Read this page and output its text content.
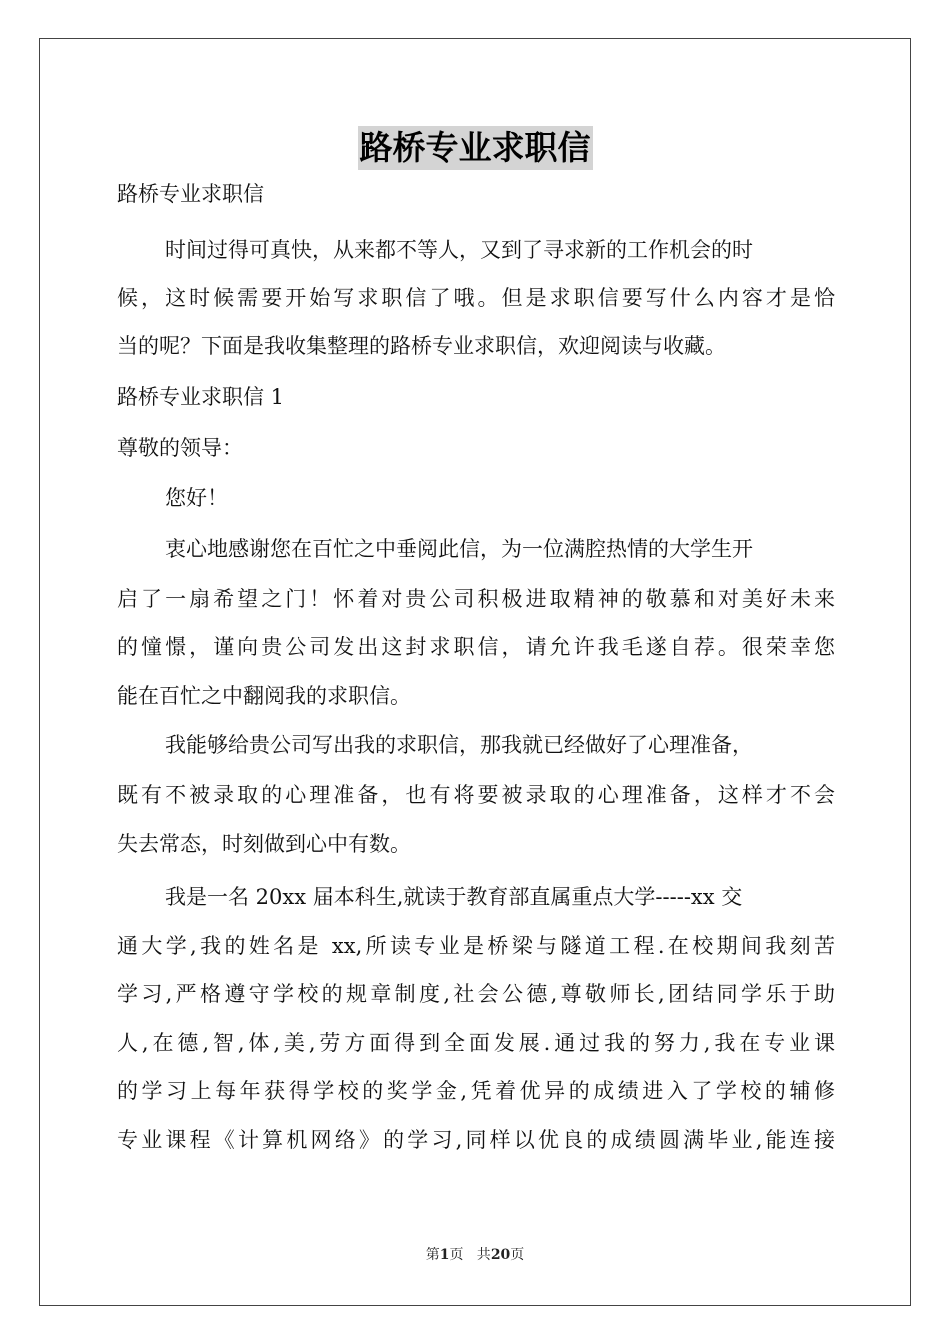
路桥专业求职信
路桥专业求职信
时间过得可真快，从来都不等人，又到了寻求新的工作机会的时
候，这时候需要开始写求职信了哦。但是求职信要写什么内容才是恰
当的呢？下面是我收集整理的路桥专业求职信，欢迎阅读与收藏。
路桥专业求职信 1
尊敬的领导：
您好！
衷心地感谢您在百忙之中垂阅此信，为一位满腔热情的大学生开
启了一扇希望之门！怀着对贵公司积极进取精神的敬慕和对美好未来
的憧憬，谨向贵公司发出这封求职信，请允许我毛遂自荐。很荣幸您
能在百忙之中翻阅我的求职信。
我能够给贵公司写出我的求职信，那我就已经做好了心理准备，
既有不被录取的心理准备，也有将要被录取的心理准备，这样才不会
失去常态，时刻做到心中有数。
我是一名 20xx 届本科生,就读于教育部直属重点大学-----xx 交
通大学,我的姓名是 xx,所读专业是桥梁与隧道工程.在校期间我刻苦
学习,严格遵守学校的规章制度,社会公德,尊敬师长,团结同学乐于助
人,在德,智,体,美,劳方面得到全面发展.通过我的努力,我在专业课
的学习上每年获得学校的奖学金,凭着优异的成绩进入了学校的辅修
专业课程《计算机网络》的学习,同样以优良的成绩圆满毕业,能连接
第1页   共20页
